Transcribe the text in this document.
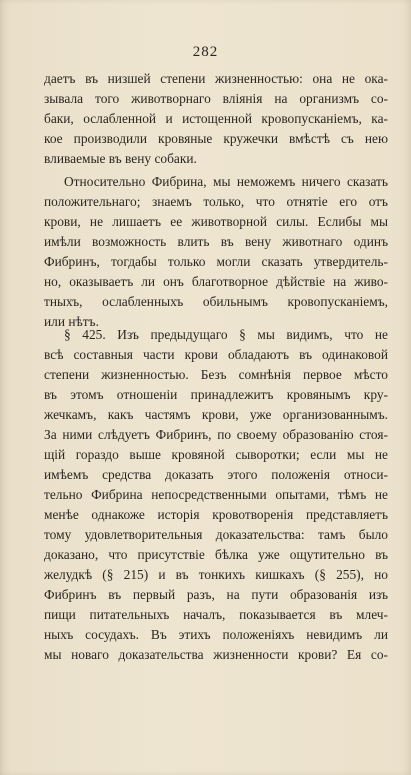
282
даетъ въ низшей степени жизненностью: она не ока-
зывала того животворнаго вліянія на организмъ со-
баки, ослабленной и истощенной кровопусканіемъ, ка-
кое производили кровяные кружечки вмѣстѣ съ нею
вливаемые въ вену собаки.
Относительно Фибрина, мы неможемъ ничего сказать
положительнаго; знаемъ только, что отнятіе его отъ
крови, не лишаетъ ее животворной силы. Еслибы мы
имѣли возможность влить въ вену животнаго одинъ
Фибринъ, тогдабы только могли сказать утвердитель-
но, оказываетъ ли онъ благотворное дѣйствіе на живо-
тныхъ, ослабленныхъ обильнымъ кровопусканіемъ,
или нѣтъ.
§ 425. Изъ предыдущаго § мы видимъ, что не
всѣ составныя части крови обладаютъ въ одинаковой
степени жизненностью. Безъ сомнѣнія первое мѣсто
въ этомъ отношеніи принадлежитъ кровянымъ кру-
жечкамъ, какъ частямъ крови, уже организованнымъ.
За ними слѣдуетъ Фибринъ, по своему образованію стоя-
щій гораздо выше кровяной сыворотки; если мы не
имѣемъ средства доказать этого положенія относи-
тельно Фибрина непосредственными опытами, тѣмъ не
менѣе однакоже исторія кровотворенія представляетъ
тому удовлетворительныя доказательства: тамъ было
доказано, что присутствіе бѣлка уже ощутительно въ
желудкѣ (§ 215) и въ тонкихъ кишкахъ (§ 255), но
Фибринъ въ первый разъ, на пути образованія изъ
пищи питательныхъ началъ, показывается въ млеч-
ныхъ сосудахъ. Въ этихъ положеніяхъ невидимъ ли
мы новаго доказательства жизненности крови? Ея со-
